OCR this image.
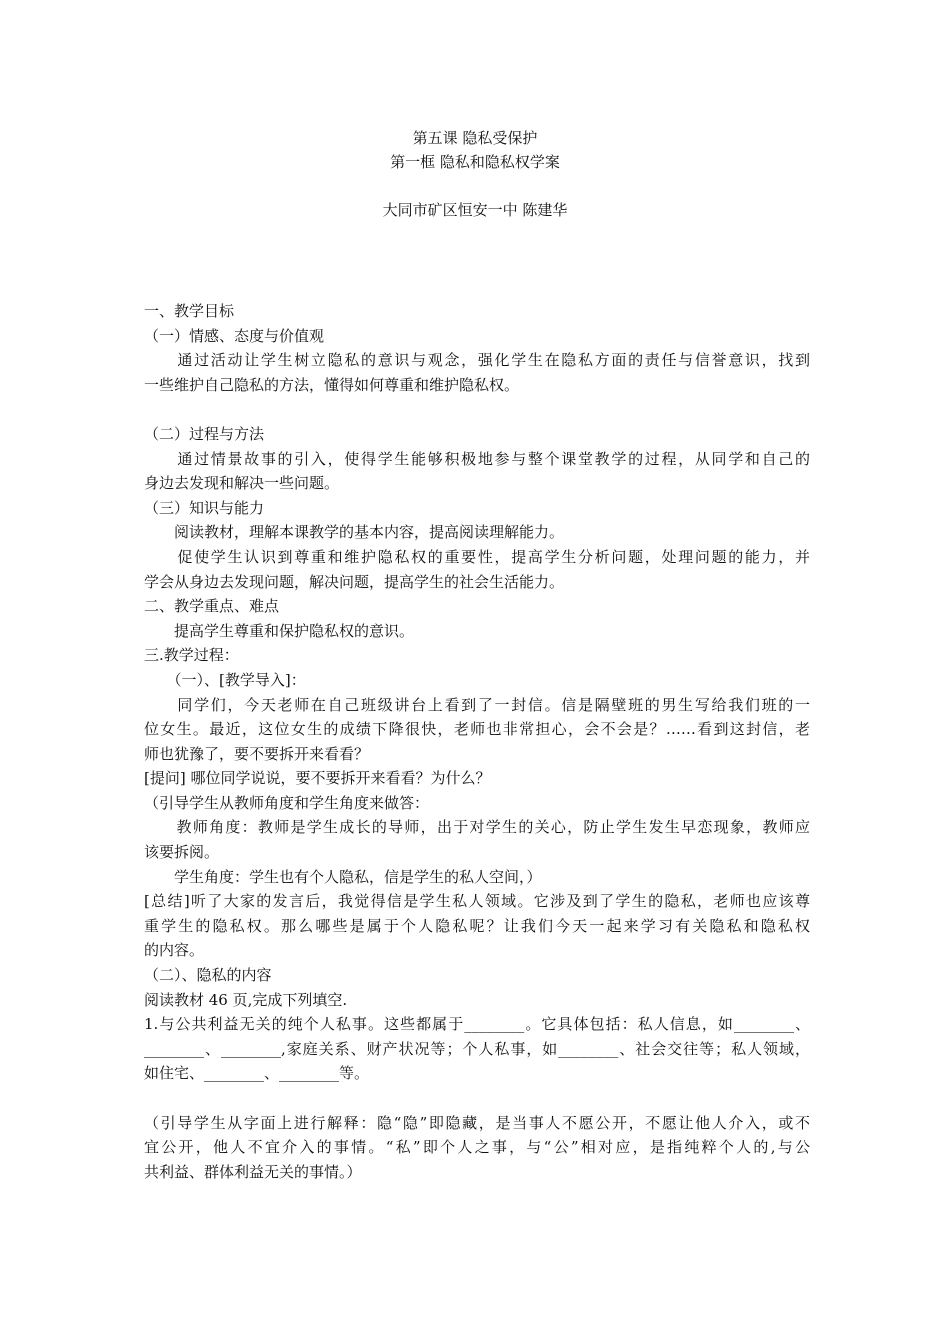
第五课 隐私受保护
第一框 隐私和隐私权学案
大同市矿区恒安一中 陈建华
一、教学目标
（一）情感、态度与价值观
　　通过活动让学生树立隐私的意识与观念，强化学生在隐私方面的责任与信誉意识，找到
一些维护自己隐私的方法，懂得如何尊重和维护隐私权。
（二）过程与方法
　　通过情景故事的引入，使得学生能够积极地参与整个课堂教学的过程，从同学和自己的
身边去发现和解决一些问题。
（三）知识与能力
　　阅读教材，理解本课教学的基本内容，提高阅读理解能力。
　　促使学生认识到尊重和维护隐私权的重要性，提高学生分析问题，处理问题的能力，并
学会从身边去发现问题，解决问题，提高学生的社会生活能力。
二、教学重点、难点
　　提高学生尊重和保护隐私权的意识。
三.教学过程：
　　（一）、[教学导入]：
　　同学们，今天老师在自己班级讲台上看到了一封信。信是隔壁班的男生写给我们班的一
位女生。最近，这位女生的成绩下降很快，老师也非常担心，会不会是？……看到这封信，老
师也犹豫了，要不要拆开来看看？
[提问] 哪位同学说说，要不要拆开来看看？为什么？
（引导学生从教师角度和学生角度来做答：
　　教师角度：教师是学生成长的导师，出于对学生的关心，防止学生发生早恋现象，教师应
该要拆阅。
　　学生角度：学生也有个人隐私，信是学生的私人空间，）
[总结]听了大家的发言后，我觉得信是学生私人领域。它涉及到了学生的隐私，老师也应该尊
重学生的隐私权。那么哪些是属于个人隐私呢？让我们今天一起来学习有关隐私和隐私权
的内容。
（二）、隐私的内容
阅读教材 46 页,完成下列填空.
1.与公共利益无关的纯个人私事。这些都属于________。它具体包括：私人信息，如________、
________、________,家庭关系、财产状况等；个人私事，如________、社会交往等；私人领域，
如住宅、________、________等。
（引导学生从字面上进行解释：隐“隐”即隐藏，是当事人不愿公开，不愿让他人介入，或不
宜公开，他人不宜介入的事情。“私”即个人之事，与“公”相对应，是指纯粹个人的,与公
共利益、群体利益无关的事情。）
